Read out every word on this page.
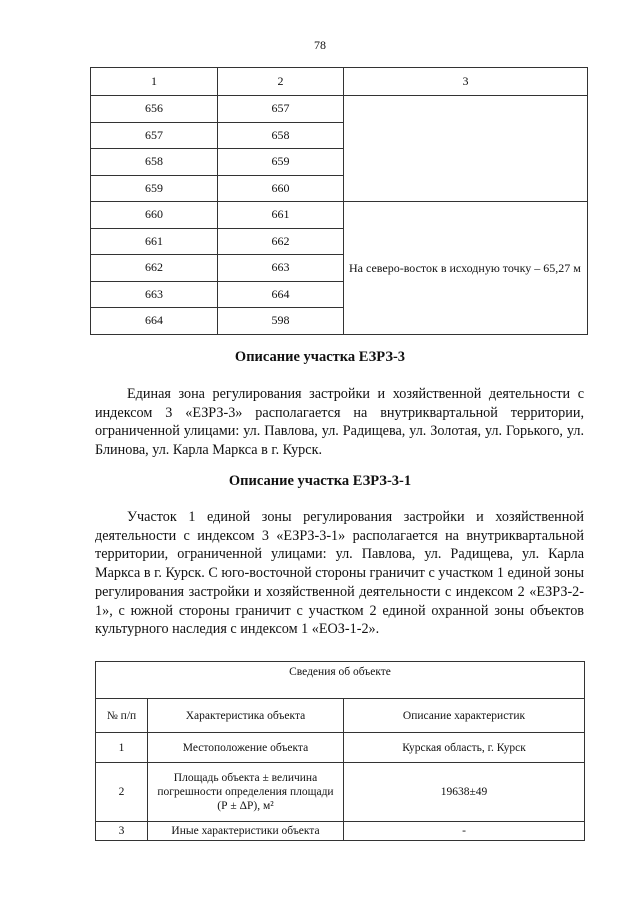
78
1	2	3
656	657	
657	658	
658	659	
659	660	
660	661	На северо-восток в исходную точку – 65,27 м
661	662	
662	663	
663	664	
664	598	
Описание участка ЕЗРЗ-3
Единая зона регулирования застройки и хозяйственной деятельности с индексом 3 «ЕЗРЗ-3» располагается на внутриквартальной территории, ограниченной улицами: ул. Павлова, ул. Радищева, ул. Золотая, ул. Горького, ул. Блинова, ул. Карла Маркса в г. Курск.
Описание участка ЕЗРЗ-3-1
Участок 1 единой зоны регулирования застройки и хозяйственной деятельности с индексом 3 «ЕЗРЗ-3-1» располагается на внутриквартальной территории, ограниченной улицами: ул. Павлова, ул. Радищева, ул. Карла Маркса в г. Курск. С юго-восточной стороны граничит с участком 1 единой зоны регулирования застройки и хозяйственной деятельности с индексом 2 «ЕЗРЗ-2-1», с южной стороны граничит с участком 2 единой охранной зоны объектов культурного наследия с индексом 1 «ЕОЗ-1-2».
Сведения об объекте		
№ п/п	Характеристика объекта	Описание характеристик
1	Местоположение объекта	Курская область, г. Курск
2	Площадь объекта ± величина погрешности определения площади (Р ± ΔР), м²	19638±49
3	Иные характеристики объекта	-
